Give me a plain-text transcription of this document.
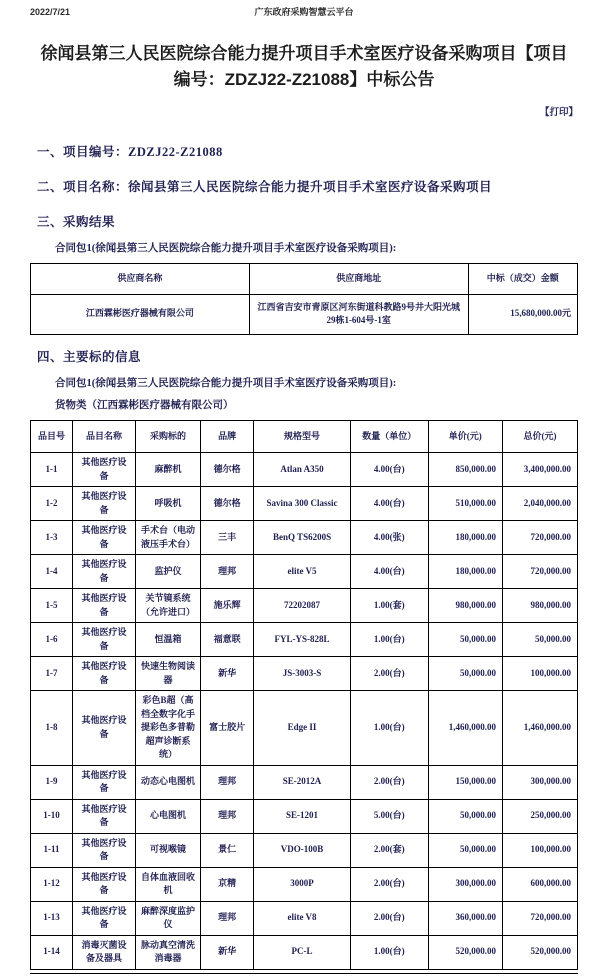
2022/7/21	广东政府采购智慧云平台
徐闻县第三人民医院综合能力提升项目手术室医疗设备采购项目【项目编号：ZDZJ22-Z21088】中标公告
【打印】

一、项目编号：ZDZJ22-Z21088

二、项目名称：徐闻县第三人民医院综合能力提升项目手术室医疗设备采购项目

三、采购结果

合同包1(徐闻县第三人民医院综合能力提升项目手术室医疗设备采购项目):

供应商名称	供应商地址	中标（成交）金额
江西霖彬医疗器械有限公司	江西省吉安市青原区河东街道科教路9号井大阳光城29栋1-604号-1室	15,680,000.00元

四、主要标的信息

合同包1(徐闻县第三人民医院综合能力提升项目手术室医疗设备采购项目):

货物类（江西霖彬医疗器械有限公司）

品目号	品目名称	采购标的	品牌	规格型号	数量（单位）	单价(元)	总价(元)
1-1	其他医疗设备	麻醉机	德尔格	Atlan A350	4.00(台)	850,000.00	3,400,000.00
1-2	其他医疗设备	呼吸机	德尔格	Savina 300 Classic	4.00(台)	510,000.00	2,040,000.00
1-3	其他医疗设备	手术台（电动液压手术台）	三丰	BenQ TS6200S	4.00(张)	180,000.00	720,000.00
1-4	其他医疗设备	监护仪	理邦	elite V5	4.00(台)	180,000.00	720,000.00
1-5	其他医疗设备	关节镜系统（允许进口）	施乐辉	72202087	1.00(套)	980,000.00	980,000.00
1-6	其他医疗设备	恒温箱	福意联	FYL-YS-828L	1.00(台)	50,000.00	50,000.00
1-7	其他医疗设备	快速生物阅读器	新华	JS-3003-S	2.00(台)	50,000.00	100,000.00
1-8	其他医疗设备	彩色B超（高档全数字化手提彩色多普勒超声诊断系统）	富士胶片	Edge II	1.00(台)	1,460,000.00	1,460,000.00
1-9	其他医疗设备	动态心电图机	理邦	SE-2012A	2.00(台)	150,000.00	300,000.00
1-10	其他医疗设备	心电图机	理邦	SE-1201	5.00(台)	50,000.00	250,000.00
1-11	其他医疗设备	可视喉镜	景仁	VDO-100B	2.00(套)	50,000.00	100,000.00
1-12	其他医疗设备	自体血液回收机	京精	3000P	2.00(台)	300,000.00	600,000.00
1-13	其他医疗设备	麻醉深度监护仪	理邦	elite V8	2.00(台)	360,000.00	720,000.00
1-14	消毒灭菌设备及器具	脉动真空清洗消毒器	新华	PC-L	1.00(台)	520,000.00	520,000.00
